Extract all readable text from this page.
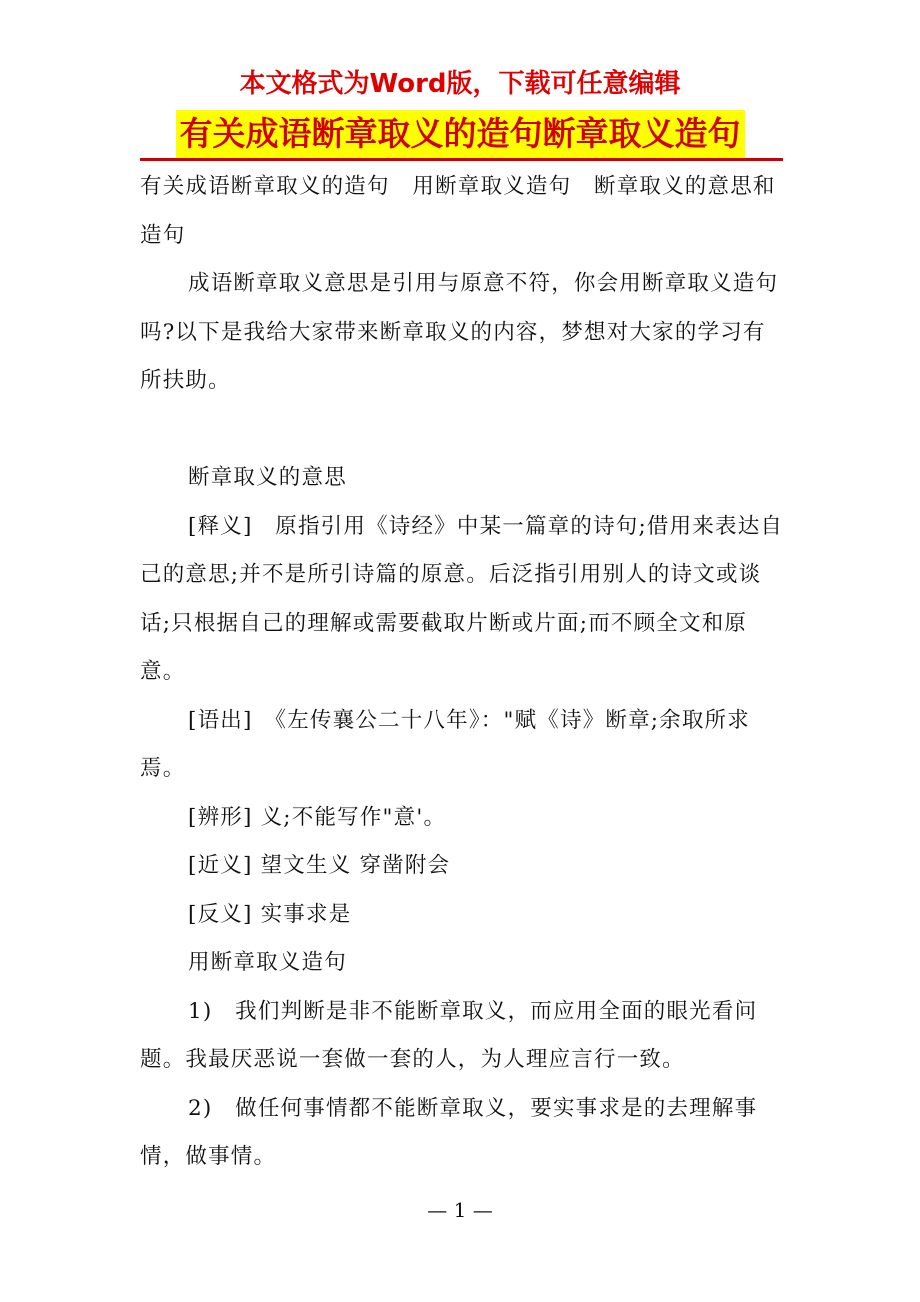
本文格式为Word版，下载可任意编辑
有关成语断章取义的造句断章取义造句

有关成语断章取义的造句　用断章取义造句　断章取义的意思和造句

成语断章取义意思是引用与原意不符，你会用断章取义造句吗?以下是我给大家带来断章取义的内容，梦想对大家的学习有所扶助。

断章取义的意思

[释义]　原指引用《诗经》中某一篇章的诗句;借用来表达自己的意思;并不是所引诗篇的原意。后泛指引用别人的诗文或谈话;只根据自己的理解或需要截取片断或片面;而不顾全文和原意。

[语出]　《左传襄公二十八年》："赋《诗》断章;余取所求焉。

[辨形] 义;不能写作"意'。

[近义] 望文生义 穿凿附会

[反义] 实事求是

用断章取义造句

1)　我们判断是非不能断章取义，而应用全面的眼光看问题。我最厌恶说一套做一套的人，为人理应言行一致。

2)　做任何事情都不能断章取义，要实事求是的去理解事情，做事情。

— 1 —
